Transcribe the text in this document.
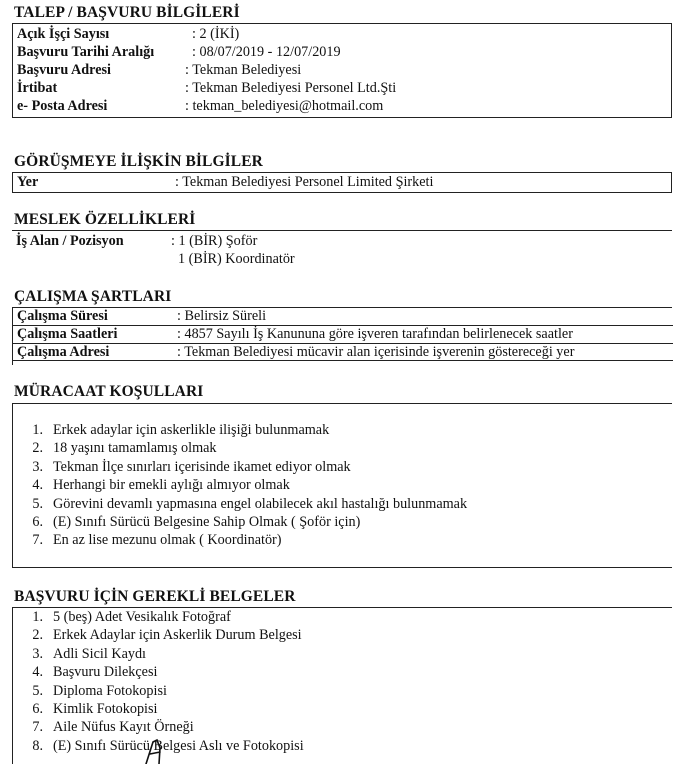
TALEP / BAŞVURU BİLGİLERİ
Açık İşçi Sayısı	: 2 (İKİ)
Başvuru Tarihi Aralığı	: 08/07/2019 - 12/07/2019
Başvuru Adresi	: Tekman Belediyesi
İrtibat	: Tekman Belediyesi Personel Ltd.Şti
e- Posta Adresi	: tekman_belediyesi@hotmail.com
GÖRÜŞMEYE İLİŞKİN BİLGİLER
Yer	: Tekman Belediyesi Personel Limited Şirketi
MESLEK ÖZELLİKLERİ
İş Alan / Pozisyon	: 1 (BİR) Şoför
1 (BİR) Koordinatör
ÇALIŞMA ŞARTLARI
Çalışma Süresi	: Belirsiz Süreli
Çalışma Saatleri	: 4857 Sayılı İş Kanununa göre işveren tarafından belirlenecek saatler
Çalışma Adresi	: Tekman Belediyesi mücavir alan içerisinde işverenin göstereceği yer
MÜRACAAT KOŞULLARI
1. Erkek adaylar için askerlikle ilişiği bulunmamak
2. 18 yaşını tamamlamış olmak
3. Tekman İlçe sınırları içerisinde ikamet ediyor olmak
4. Herhangi bir emekli aylığı almıyor olmak
5. Görevini devamlı yapmasına engel olabilecek akıl hastalığı bulunmamak
6. (E) Sınıfı Sürücü Belgesine Sahip Olmak ( Şoför için)
7. En az lise mezunu olmak ( Koordinatör)
BAŞVURU İÇİN GEREKLİ BELGELER
1. 5 (beş) Adet Vesikalık Fotoğraf
2. Erkek Adaylar için Askerlik Durum Belgesi
3. Adli Sicil Kaydı
4. Başvuru Dilekçesi
5. Diploma Fotokopisi
6. Kimlik Fotokopisi
7. Aile Nüfus Kayıt Örneği
8. (E) Sınıfı Sürücü Belgesi Aslı ve Fotokopisi
